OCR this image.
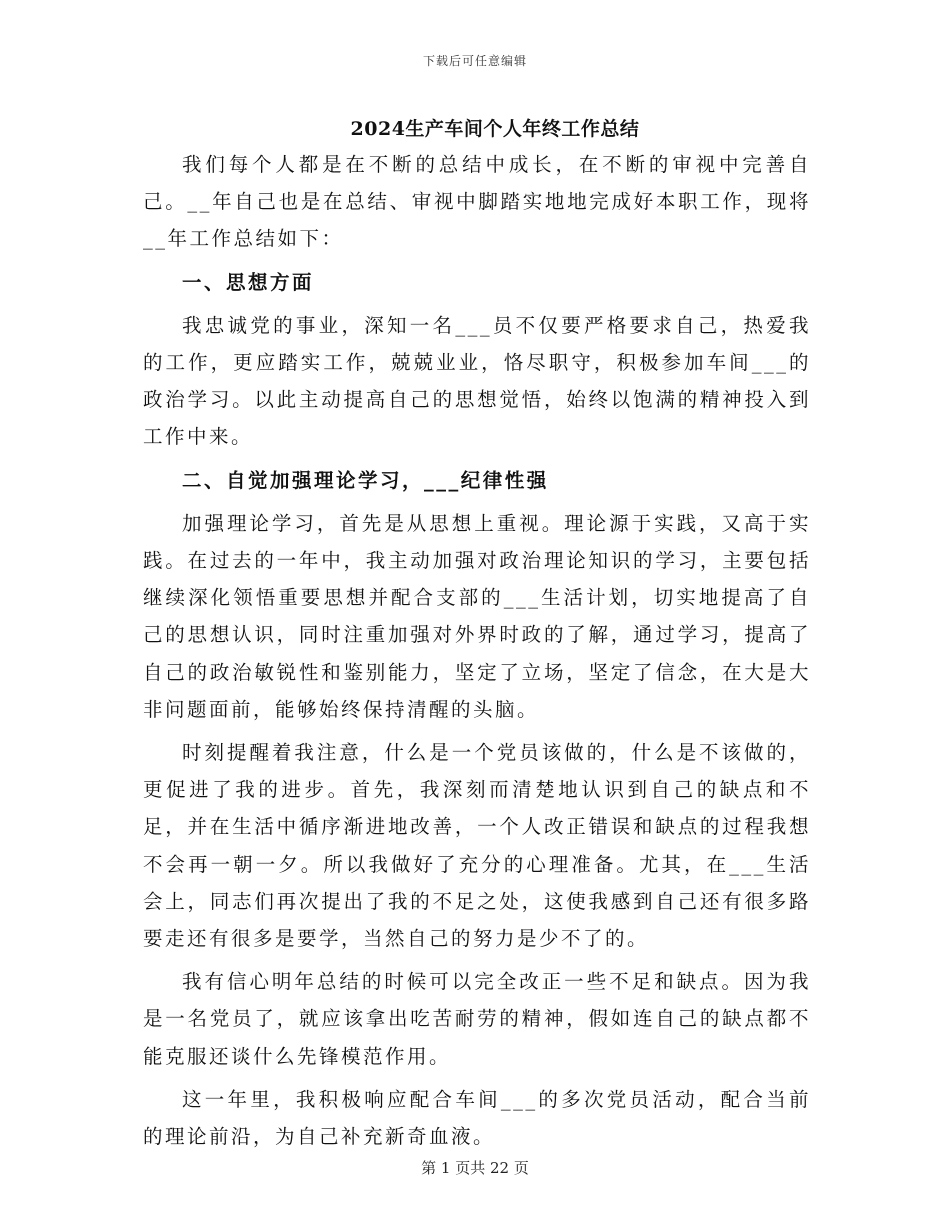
下载后可任意编辑
2024生产车间个人年终工作总结

我们每个人都是在不断的总结中成长，在不断的审视中完善自己。__年自己也是在总结、审视中脚踏实地地完成好本职工作，现将__年工作总结如下：

一、思想方面

我忠诚党的事业，深知一名___员不仅要严格要求自己，热爱我的工作，更应踏实工作，兢兢业业，恪尽职守，积极参加车间___的政治学习。以此主动提高自己的思想觉悟，始终以饱满的精神投入到工作中来。

二、自觉加强理论学习，___纪律性强

加强理论学习，首先是从思想上重视。理论源于实践，又高于实践。在过去的一年中，我主动加强对政治理论知识的学习，主要包括继续深化领悟重要思想并配合支部的___生活计划，切实地提高了自己的思想认识，同时注重加强对外界时政的了解，通过学习，提高了自己的政治敏锐性和鉴别能力，坚定了立场，坚定了信念，在大是大非问题面前，能够始终保持清醒的头脑。

时刻提醒着我注意，什么是一个党员该做的，什么是不该做的，更促进了我的进步。首先，我深刻而清楚地认识到自己的缺点和不足，并在生活中循序渐进地改善，一个人改正错误和缺点的过程我想不会再一朝一夕。所以我做好了充分的心理准备。尤其，在___生活会上，同志们再次提出了我的不足之处，这使我感到自己还有很多路要走还有很多是要学，当然自己的努力是少不了的。

我有信心明年总结的时候可以完全改正一些不足和缺点。因为我是一名党员了，就应该拿出吃苦耐劳的精神，假如连自己的缺点都不能克服还谈什么先锋模范作用。

这一年里，我积极响应配合车间___的多次党员活动，配合当前的理论前沿，为自己补充新奇血液。

第 1 页共 22 页
